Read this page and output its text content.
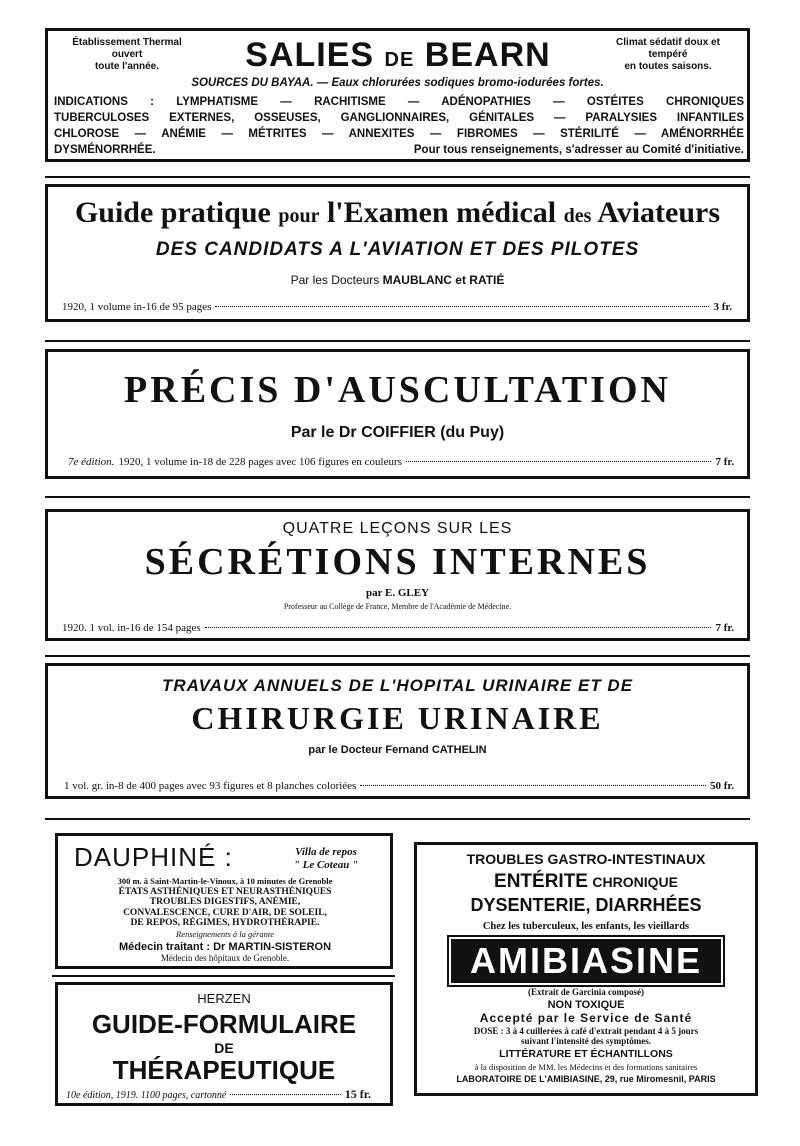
Établissement Thermal
ouvert
toute l'année.	SALIES DE BEARN	Climat sédatif doux et
tempéré
en toutes saisons.
SOURCES DU BAYAA. — Eaux chlorurées sodiques bromo-iodurées fortes.
INDICATIONS : LYMPHATISME — RACHITISME — ADÉNOPATHIES — OSTÉITES CHRONIQUES
TUBERCULOSES EXTERNES, OSSEUSES, GANGLIONNAIRES, GÉNITALES — PARALYSIES INFANTILES
CHLOROSE — ANÉMIE — MÉTRITES — ANNEXITES — FIBROMES — STÉRILITÉ — AMÉNORRHÉE
DYSMÉNORRHÉE.	Pour tous renseignements, s'adresser au Comité d'initiative.
Guide pratique pour l'Examen médical des Aviateurs
DES CANDIDATS A L'AVIATION ET DES PILOTES
Par les Docteurs MAUBLANC et RATIÉ
1920, 1 volume in-16 de 95 pages	3 fr.
PRÉCIS D'AUSCULTATION
Par le Dr COIFFIER (du Puy)
7e édition. 1920, 1 volume in-18 de 228 pages avec 106 figures en couleurs	7 fr.
QUATRE LEÇONS SUR LES
SÉCRÉTIONS INTERNES
par E. GLEY
Professeur au Collège de France, Membre de l'Académie de Médecine.
1920. 1 vol. in-16 de 154 pages	7 fr.
TRAVAUX ANNUELS DE L'HOPITAL URINAIRE ET DE
CHIRURGIE URINAIRE
par le Docteur Fernand CATHELIN
1 vol. gr. in-8 de 400 pages avec 93 figures et 8 planches coloriées	50 fr.
DAUPHINÉ :	Villa de repos
" Le Coteau "
300 m. à Saint-Martin-le-Vinoux, à 10 minutes de Grenoble
ÉTATS ASTHÉNIQUES ET NEURASTHÉNIQUES
TROUBLES DIGESTIFS, ANÉMIE,
CONVALESCENCE, CURE D'AIR, DE SOLEIL,
DE REPOS, RÉGIMES, HYDROTHÉRAPIE.
Renseignements à la gérante
Médecin traitant : Dr MARTIN-SISTERON
Médecin des hôpitaux de Grenoble.
HERZEN
GUIDE-FORMULAIRE
DE
THÉRAPEUTIQUE
10e édition, 1919. 1100 pages, cartonné	15 fr.
TROUBLES GASTRO-INTESTINAUX
ENTÉRITE CHRONIQUE
DYSENTERIE, DIARRHÉES
Chez les tuberculeux, les enfants, les vieillards
AMIBIASINE
(Extrait de Garcinia composé)
NON TOXIQUE
Accepté par le Service de Santé
DOSE : 3 à 4 cuillerées à café d'extrait pendant 4 à 5 jours
suivant l'intensité des symptômes.
LITTÉRATURE ET ÉCHANTILLONS
à la disposition de MM. les Médecins et des formations sanitaires
LABORATOIRE DE L'AMIBIASINE, 29, rue Miromesnil, PARIS
